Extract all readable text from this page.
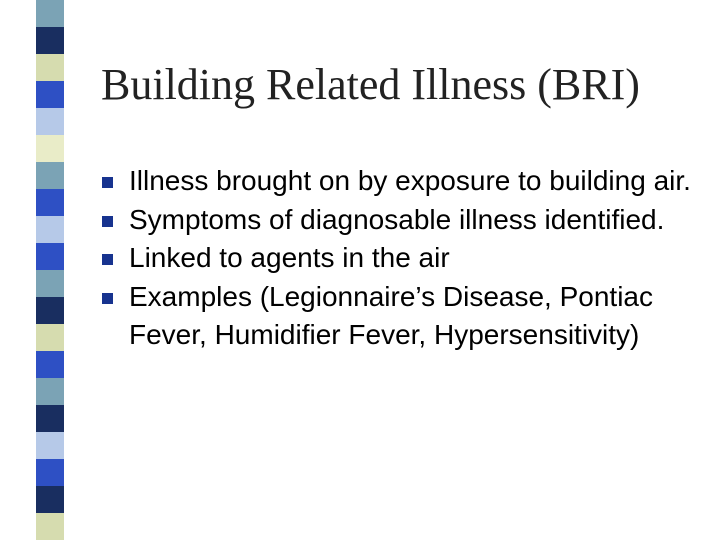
Building Related Illness (BRI)
Illness brought on by exposure to building air.
Symptoms of diagnosable illness identified.
Linked to agents in the air
Examples (Legionnaire’s Disease, Pontiac Fever, Humidifier Fever, Hypersensitivity)
